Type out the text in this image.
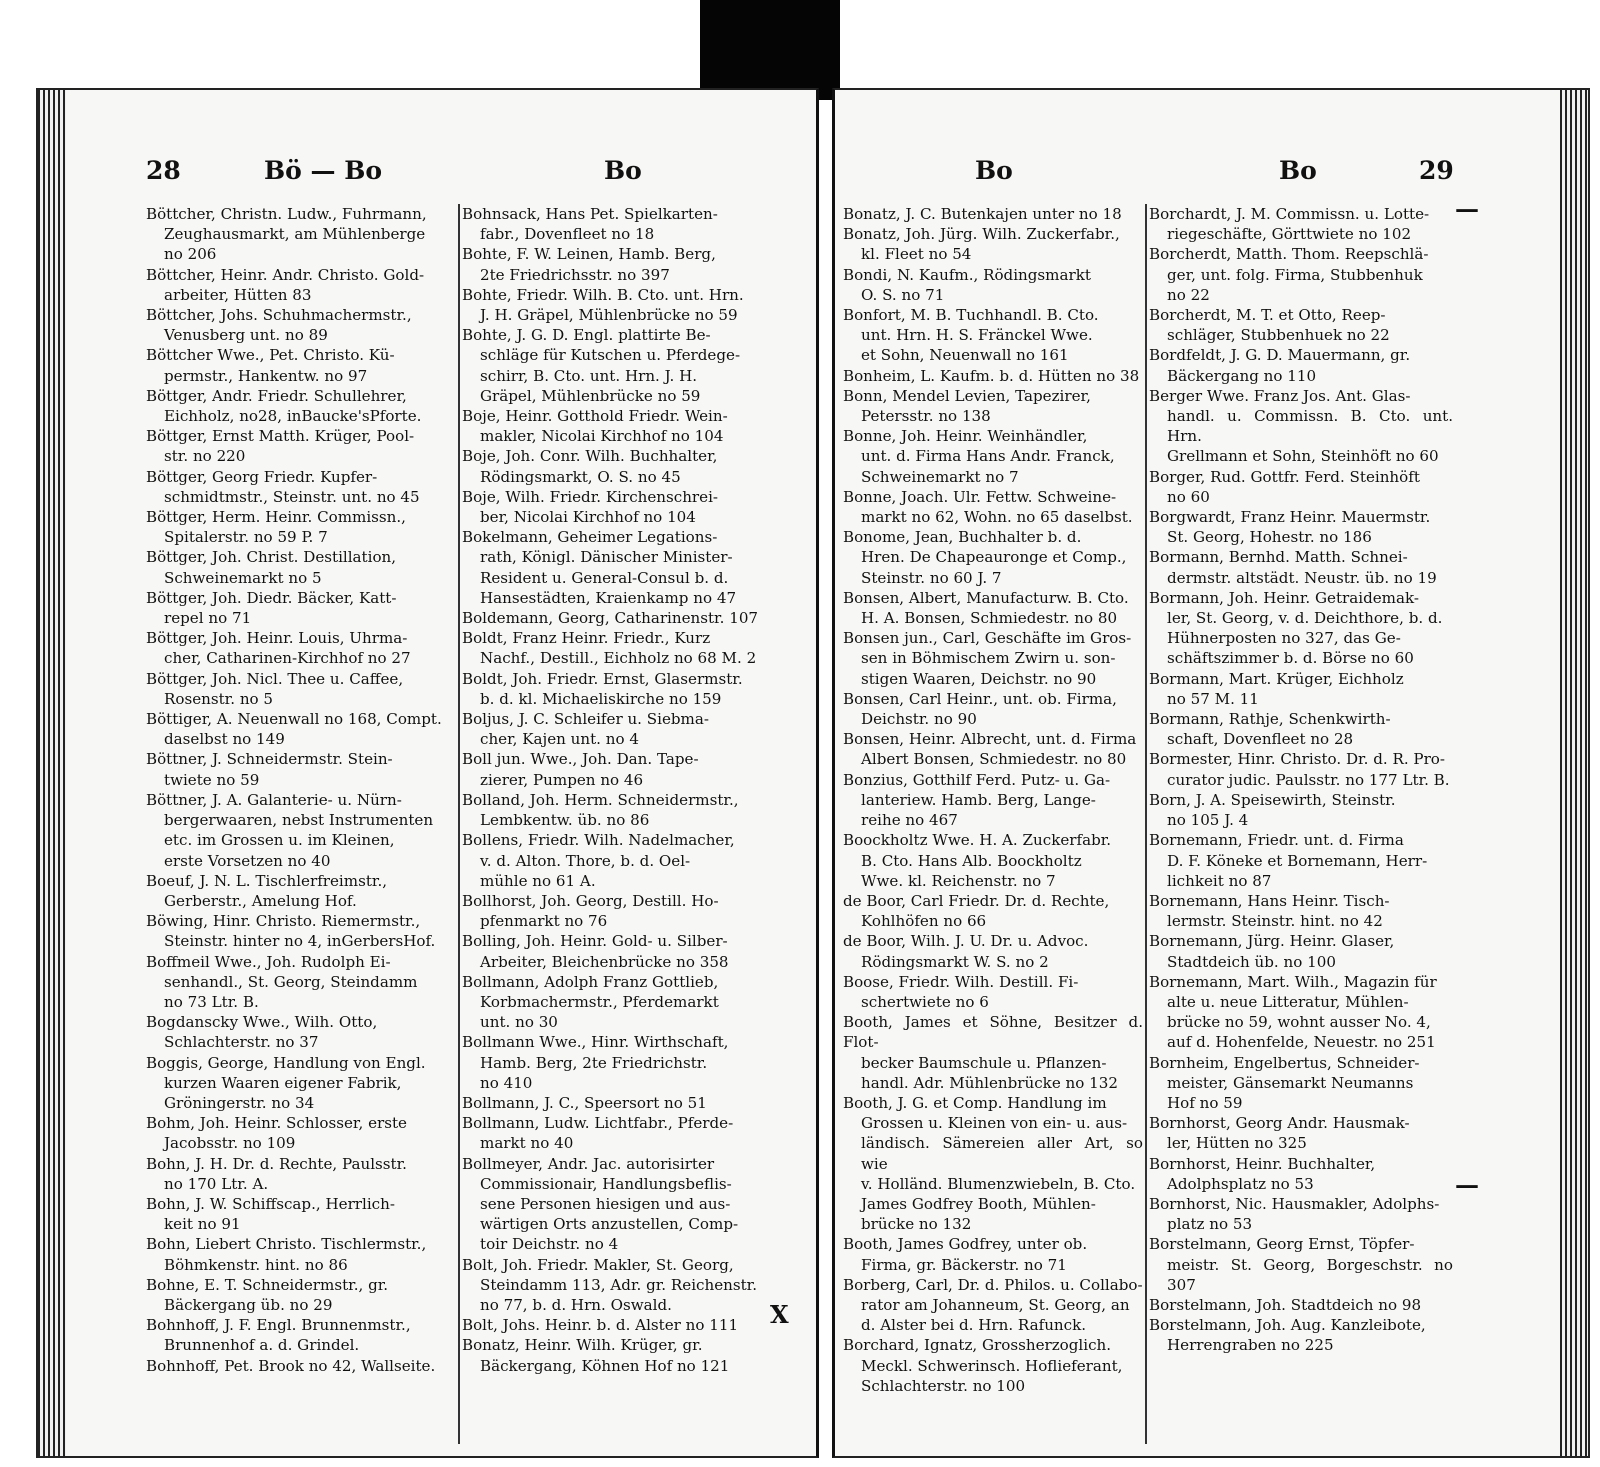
28	Bö — Bo	Bo
Böttcher, Christn. Ludw., Fuhrmann,
Zeughausmarkt, am Mühlenberge
no 206
Böttcher, Heinr. Andr. Christo. Gold-
arbeiter, Hütten 83
Böttcher, Johs. Schuhmachermstr.,
Venusberg unt. no 89
Böttcher Wwe., Pet. Christo. Kü-
permstr., Hankentw. no 97
Böttger, Andr. Friedr. Schullehrer,
Eichholz, no28, inBaucke'sPforte.
Böttger, Ernst Matth. Krüger, Pool-
str. no 220
Böttger, Georg Friedr. Kupfer-
schmidtmstr., Steinstr. unt. no 45
Böttger, Herm. Heinr. Commissn.,
Spitalerstr. no 59 P. 7
Böttger, Joh. Christ. Destillation,
Schweinemarkt no 5
Böttger, Joh. Diedr. Bäcker, Katt-
repel no 71
Böttger, Joh. Heinr. Louis, Uhrma-
cher, Catharinen-Kirchhof no 27
Böttger, Joh. Nicl. Thee u. Caffee,
Rosenstr. no 5
Böttiger, A. Neuenwall no 168, Compt.
daselbst no 149
Böttner, J. Schneidermstr. Stein-
twiete no 59
Böttner, J. A. Galanterie- u. Nürn-
bergerwaaren, nebst Instrumenten
etc. im Grossen u. im Kleinen,
erste Vorsetzen no 40
Boeuf, J. N. L. Tischlerfreimstr.,
Gerberstr., Amelung Hof.
Böwing, Hinr. Christo. Riemermstr.,
Steinstr. hinter no 4, inGerbersHof.
Boffmeil Wwe., Joh. Rudolph Ei-
senhandl., St. Georg, Steindamm
no 73 Ltr. B.
Bogdanscky Wwe., Wilh. Otto,
Schlachterstr. no 37
Boggis, George, Handlung von Engl.
kurzen Waaren eigener Fabrik,
Gröningerstr. no 34
Bohm, Joh. Heinr. Schlosser, erste
Jacobsstr. no 109
Bohn, J. H. Dr. d. Rechte, Paulsstr.
no 170 Ltr. A.
Bohn, J. W. Schiffscap., Herrlich-
keit no 91
Bohn, Liebert Christo. Tischlermstr.,
Böhmkenstr. hint. no 86
Bohne, E. T. Schneidermstr., gr.
Bäckergang üb. no 29
Bohnhoff, J. F. Engl. Brunnenmstr.,
Brunnenhof a. d. Grindel.
Bohnhoff, Pet. Brook no 42, Wallseite.
Bohnsack, Hans Pet. Spielkarten-
fabr., Dovenfleet no 18
Bohte, F. W. Leinen, Hamb. Berg,
2te Friedrichsstr. no 397
Bohte, Friedr. Wilh. B. Cto. unt. Hrn.
J. H. Gräpel, Mühlenbrücke no 59
Bohte, J. G. D. Engl. plattirte Be-
schläge für Kutschen u. Pferdege-
schirr, B. Cto. unt. Hrn. J. H.
Gräpel, Mühlenbrücke no 59
Boje, Heinr. Gotthold Friedr. Wein-
makler, Nicolai Kirchhof no 104
Boje, Joh. Conr. Wilh. Buchhalter,
Rödingsmarkt, O. S. no 45
Boje, Wilh. Friedr. Kirchenschrei-
ber, Nicolai Kirchhof no 104
Bokelmann, Geheimer Legations-
rath, Königl. Dänischer Minister-
Resident u. General-Consul b. d.
Hansestädten, Kraienkamp no 47
Boldemann, Georg, Catharinenstr. 107
Boldt, Franz Heinr. Friedr., Kurz
Nachf., Destill., Eichholz no 68 M. 2
Boldt, Joh. Friedr. Ernst, Glasermstr.
b. d. kl. Michaeliskirche no 159
Boljus, J. C. Schleifer u. Siebma-
cher, Kajen unt. no 4
Boll jun. Wwe., Joh. Dan. Tape-
zierer, Pumpen no 46
Bolland, Joh. Herm. Schneidermstr.,
Lembkentw. üb. no 86
Bollens, Friedr. Wilh. Nadelmacher,
v. d. Alton. Thore, b. d. Oel-
mühle no 61 A.
Bollhorst, Joh. Georg, Destill. Ho-
pfenmarkt no 76
Bolling, Joh. Heinr. Gold- u. Silber-
Arbeiter, Bleichenbrücke no 358
Bollmann, Adolph Franz Gottlieb,
Korbmachermstr., Pferdemarkt
unt. no 30
Bollmann Wwe., Hinr. Wirthschaft,
Hamb. Berg, 2te Friedrichstr.
no 410
Bollmann, J. C., Speersort no 51
Bollmann, Ludw. Lichtfabr., Pferde-
markt no 40
Bollmeyer, Andr. Jac. autorisirter
Commissionair, Handlungsbeflis-
sene Personen hiesigen und aus-
wärtigen Orts anzustellen, Comp-
toir Deichstr. no 4
Bolt, Joh. Friedr. Makler, St. Georg,
Steindamm 113, Adr. gr. Reichenstr.
no 77, b. d. Hrn. Oswald.
Bolt, Johs. Heinr. b. d. Alster no 111
Bonatz, Heinr. Wilh. Krüger, gr.
Bäckergang, Köhnen Hof no 121
X
Bo	Bo	29
Bonatz, J. C. Butenkajen unter no 18
Bonatz, Joh. Jürg. Wilh. Zuckerfabr.,
kl. Fleet no 54
Bondi, N. Kaufm., Rödingsmarkt
O. S. no 71
Bonfort, M. B. Tuchhandl. B. Cto.
unt. Hrn. H. S. Fränckel Wwe.
et Sohn, Neuenwall no 161
Bonheim, L. Kaufm. b. d. Hütten no 38
Bonn, Mendel Levien, Tapezirer,
Petersstr. no 138
Bonne, Joh. Heinr. Weinhändler,
unt. d. Firma Hans Andr. Franck,
Schweinemarkt no 7
Bonne, Joach. Ulr. Fettw. Schweine-
markt no 62, Wohn. no 65 daselbst.
Bonome, Jean, Buchhalter b. d.
Hren. De Chapeauronge et Comp.,
Steinstr. no 60 J. 7
Bonsen, Albert, Manufacturw. B. Cto.
H. A. Bonsen, Schmiedestr. no 80
Bonsen jun., Carl, Geschäfte im Gros-
sen in Böhmischem Zwirn u. son-
stigen Waaren, Deichstr. no 90
Bonsen, Carl Heinr., unt. ob. Firma,
Deichstr. no 90
Bonsen, Heinr. Albrecht, unt. d. Firma
Albert Bonsen, Schmiedestr. no 80
Bonzius, Gotthilf Ferd. Putz- u. Ga-
lanteriew. Hamb. Berg, Lange-
reihe no 467
Boockholtz Wwe. H. A. Zuckerfabr.
B. Cto. Hans Alb. Boockholtz
Wwe. kl. Reichenstr. no 7
de Boor, Carl Friedr. Dr. d. Rechte,
Kohlhöfen no 66
de Boor, Wilh. J. U. Dr. u. Advoc.
Rödingsmarkt W. S. no 2
Boose, Friedr. Wilh. Destill. Fi-
schertwiete no 6
Booth, James et Söhne, Besitzer d. Flot-
becker Baumschule u. Pflanzen-
handl. Adr. Mühlenbrücke no 132
Booth, J. G. et Comp. Handlung im
Grossen u. Kleinen von ein- u. aus-
ländisch. Sämereien aller Art, so wie
v. Holländ. Blumenzwiebeln, B. Cto.
James Godfrey Booth, Mühlen-
brücke no 132
Booth, James Godfrey, unter ob.
Firma, gr. Bäckerstr. no 71
Borberg, Carl, Dr. d. Philos. u. Collabo-
rator am Johanneum, St. Georg, an
d. Alster bei d. Hrn. Rafunck.
Borchard, Ignatz, Grossherzoglich.
Meckl. Schwerinsch. Hoflieferant,
Schlachterstr. no 100
Borchardt, J. M. Commissn. u. Lotte-
riegeschäfte, Görttwiete no 102
Borcherdt, Matth. Thom. Reepschlä-
ger, unt. folg. Firma, Stubbenhuk
no 22
Borcherdt, M. T. et Otto, Reep-
schläger, Stubbenhuek no 22
Bordfeldt, J. G. D. Mauermann, gr.
Bäckergang no 110
Berger Wwe. Franz Jos. Ant. Glas-
handl. u. Commissn. B. Cto. unt. Hrn.
Grellmann et Sohn, Steinhöft no 60
Borger, Rud. Gottfr. Ferd. Steinhöft
no 60
Borgwardt, Franz Heinr. Mauermstr.
St. Georg, Hohestr. no 186
Bormann, Bernhd. Matth. Schnei-
dermstr. altstädt. Neustr. üb. no 19
Bormann, Joh. Heinr. Getraidemak-
ler, St. Georg, v. d. Deichthore, b. d.
Hühnerposten no 327, das Ge-
schäftszimmer b. d. Börse no 60
Bormann, Mart. Krüger, Eichholz
no 57 M. 11
Bormann, Rathje, Schenkwirth-
schaft, Dovenfleet no 28
Bormester, Hinr. Christo. Dr. d. R. Pro-
curator judic. Paulsstr. no 177 Ltr. B.
Born, J. A. Speisewirth, Steinstr.
no 105 J. 4
Bornemann, Friedr. unt. d. Firma
D. F. Köneke et Bornemann, Herr-
lichkeit no 87
Bornemann, Hans Heinr. Tisch-
lermstr. Steinstr. hint. no 42
Bornemann, Jürg. Heinr. Glaser,
Stadtdeich üb. no 100
Bornemann, Mart. Wilh., Magazin für
alte u. neue Litteratur, Mühlen-
brücke no 59, wohnt ausser No. 4,
auf d. Hohenfelde, Neuestr. no 251
Bornheim, Engelbertus, Schneider-
meister, Gänsemarkt Neumanns
Hof no 59
Bornhorst, Georg Andr. Hausmak-
ler, Hütten no 325
Bornhorst, Heinr. Buchhalter,
Adolphsplatz no 53
Bornhorst, Nic. Hausmakler, Adolphs-
platz no 53
Borstelmann, Georg Ernst, Töpfer-
meistr. St. Georg, Borgeschstr. no 307
Borstelmann, Joh. Stadtdeich no 98
Borstelmann, Joh. Aug. Kanzleibote,
Herrengraben no 225
—
—
